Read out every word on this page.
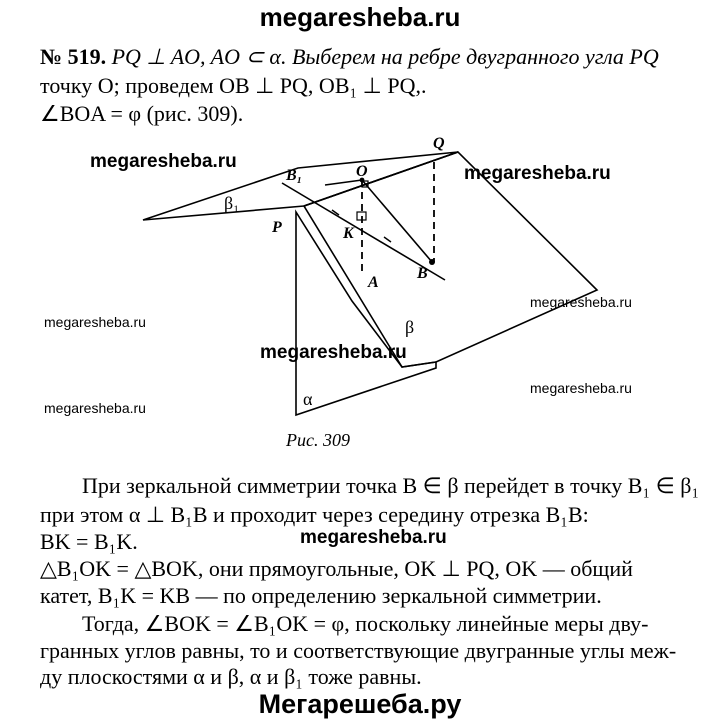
megaresheba.ru
№ 519. PQ ⊥ AO, AO ⊂ α. Выберем на ребре двугранного угла PQ
точку O; проведем OB ⊥ PQ, OB₁ ⊥ PQ,.
∠BOA = φ (рис. 309).
Q
O
B₁
P	K
A
B
β₁
β
α
Рис. 309
megaresheba.ru
megaresheba.ru
megaresheba.ru
megaresheba.ru
megaresheba.ru
megaresheba.ru
megaresheba.ru
megaresheba.ru
При зеркальной симметрии точка B ∈ β перейдет в точку B₁ ∈ β₁
при этом α ⊥ B₁B и проходит через середину отрезка B₁B:
BK = B₁K.
△B₁OK = △BOK, они прямоугольные, OK ⊥ PQ, OK — общий
катет, B₁K = KB — по определению зеркальной симметрии.
Тогда, ∠BOK = ∠B₁OK = φ, поскольку линейные меры дву-
гранных углов равны, то и соответствующие двугранные углы меж-
ду плоскостями α и β, α и β₁ тоже равны.
Мегарешеба.ру
